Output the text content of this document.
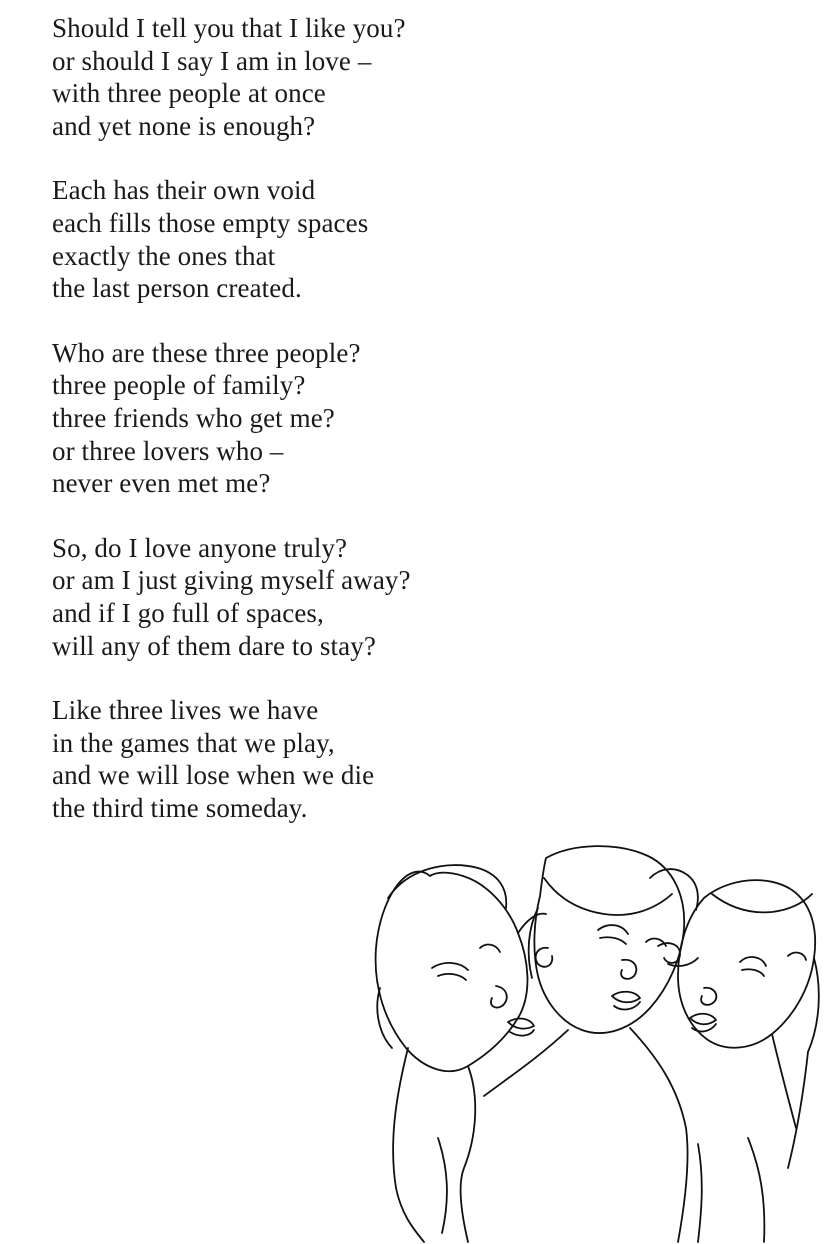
Should I tell you that I like you?
or should I say I am in love –
with three people at once
and yet none is enough?
Each has their own void
each fills those empty spaces
exactly the ones that
the last person created.
Who are these three people?
three people of family?
three friends who get me?
or three lovers who –
never even met me?
So, do I love anyone truly?
or am I just giving myself away?
and if I go full of spaces,
will any of them dare to stay?
Like three lives we have
in the games that we play,
and we will lose when we die
the third time someday.
